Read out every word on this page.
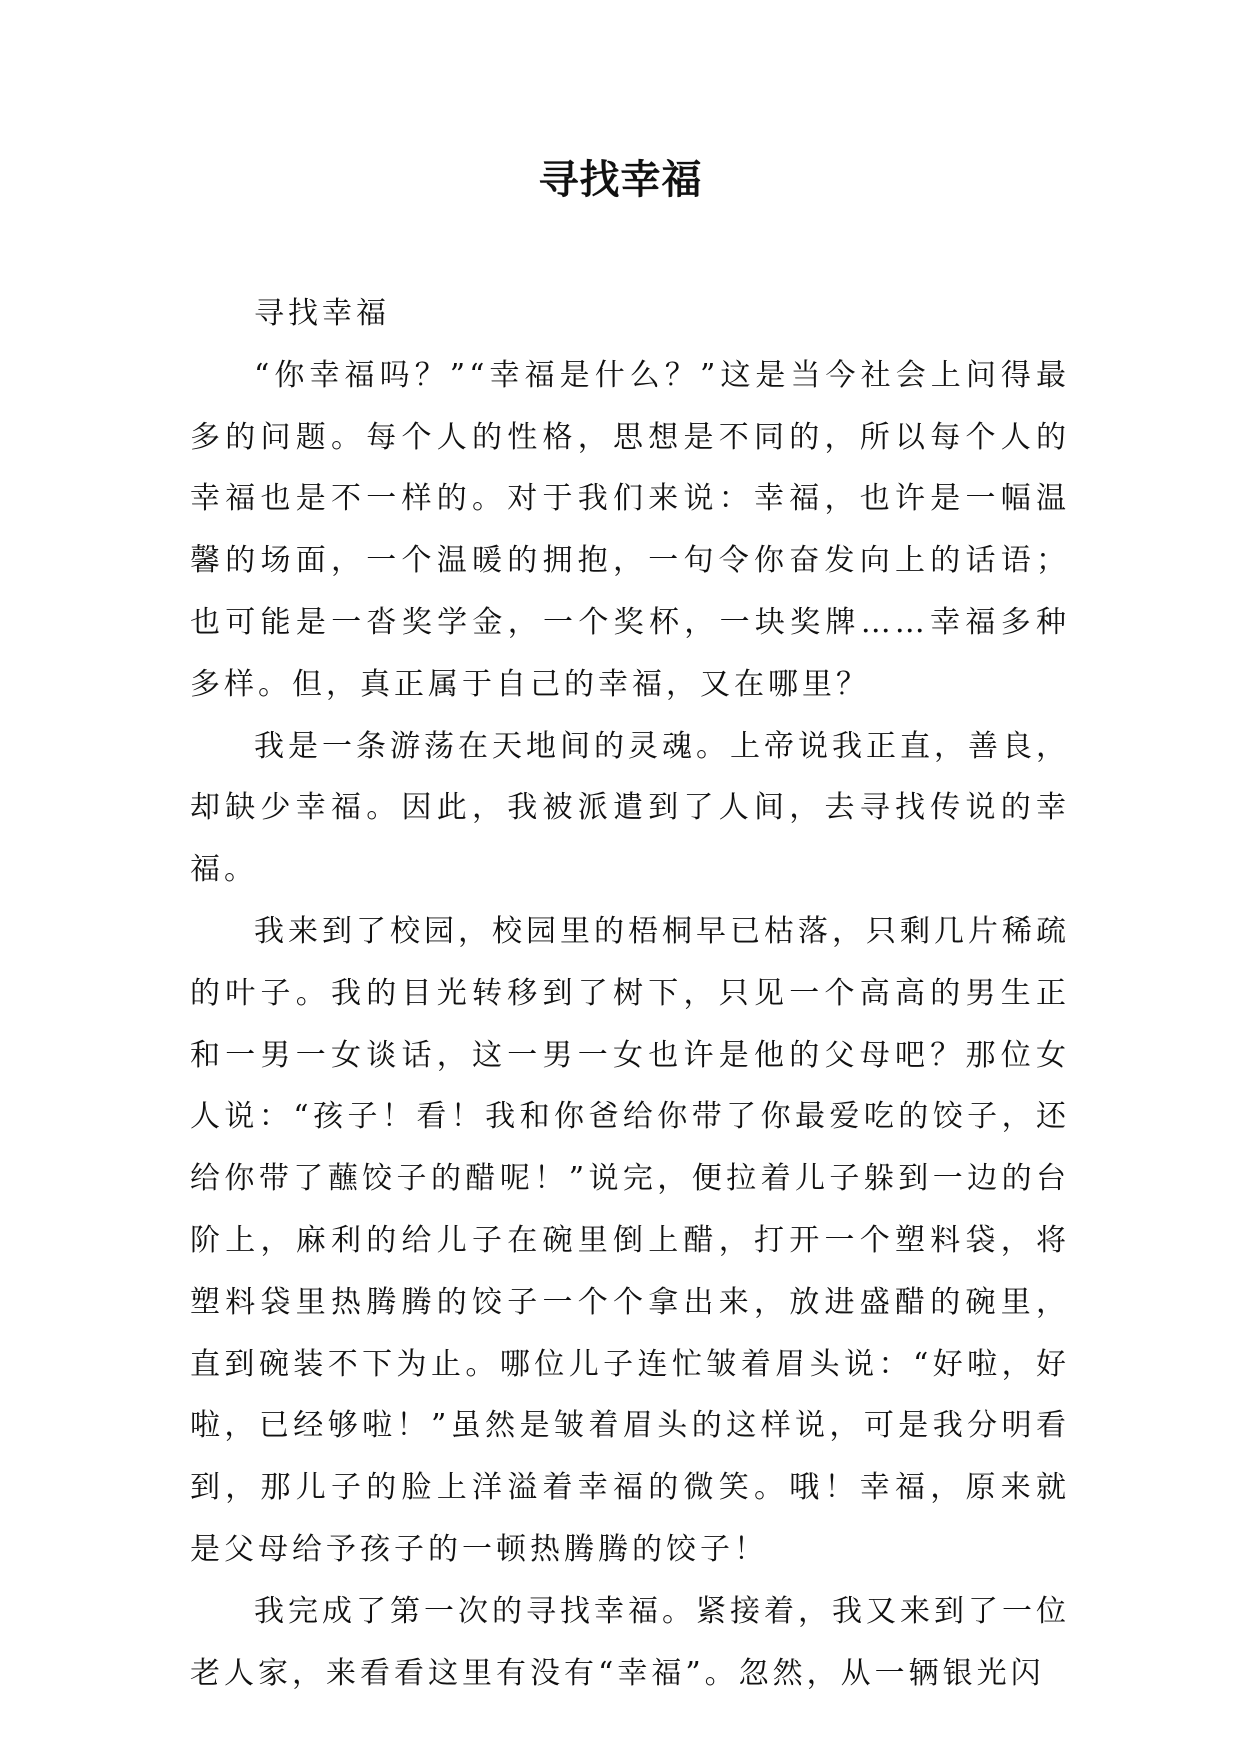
寻找幸福

寻找幸福

“你幸福吗？”“幸福是什么？”这是当今社会上问得最多的问题。每个人的性格，思想是不同的，所以每个人的幸福也是不一样的。对于我们来说：幸福，也许是一幅温馨的场面，一个温暖的拥抱，一句令你奋发向上的话语；也可能是一沓奖学金，一个奖杯，一块奖牌……幸福多种多样。但，真正属于自己的幸福，又在哪里？

我是一条游荡在天地间的灵魂。上帝说我正直，善良，却缺少幸福。因此，我被派遣到了人间，去寻找传说的幸福。

我来到了校园，校园里的梧桐早已枯落，只剩几片稀疏的叶子。我的目光转移到了树下，只见一个高高的男生正和一男一女谈话，这一男一女也许是他的父母吧？那位女人说：“孩子！看！我和你爸给你带了你最爱吃的饺子，还给你带了蘸饺子的醋呢！”说完，便拉着儿子躲到一边的台阶上，麻利的给儿子在碗里倒上醋，打开一个塑料袋，将塑料袋里热腾腾的饺子一个个拿出来，放进盛醋的碗里，直到碗装不下为止。哪位儿子连忙皱着眉头说：“好啦，好啦，已经够啦！”虽然是皱着眉头的这样说，可是我分明看到，那儿子的脸上洋溢着幸福的微笑。哦！幸福，原来就是父母给予孩子的一顿热腾腾的饺子！

我完成了第一次的寻找幸福。紧接着，我又来到了一位老人家，来看看这里有没有“幸福”。忽然，从一辆银光闪
